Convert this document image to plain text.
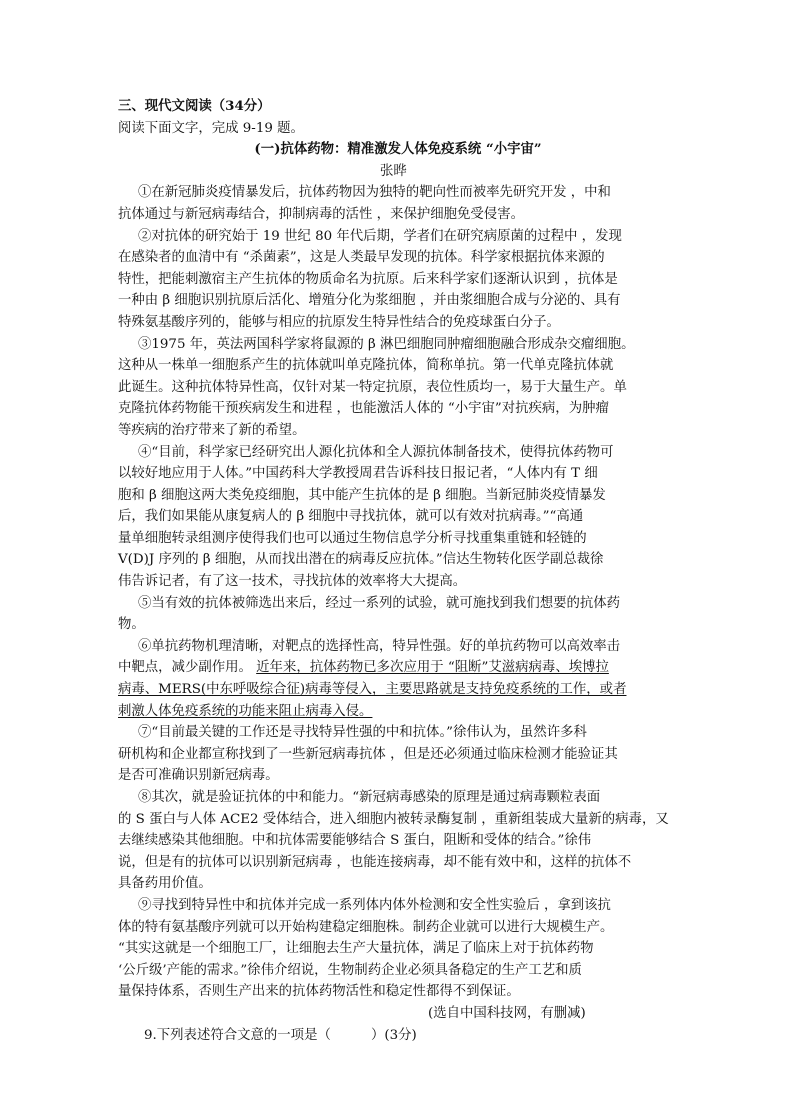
三、现代文阅读（34分）
阅读下面文字，完成 9-19 题。
(一)抗体药物：精准激发人体免疫系统 “小宇宙”
张晔
①在新冠肺炎疫情暴发后，抗体药物因为独特的靶向性而被率先研究开发 ，中和
抗体通过与新冠病毒结合，抑制病毒的活性 ，来保护细胞免受侵害。
②对抗体的研究始于 19 世纪 80 年代后期，学者们在研究病原菌的过程中 ，发现
在感染者的血清中有 “杀菌素”，这是人类最早发现的抗体。科学家根据抗体来源的
特性，把能刺激宿主产生抗体的物质命名为抗原。后来科学家们逐渐认识到 ，抗体是
一种由 β 细胞识别抗原后活化、增殖分化为浆细胞 ，并由浆细胞合成与分泌的、具有
特殊氨基酸序列的，能够与相应的抗原发生特异性结合的免疫球蛋白分子。
③1975 年，英法两国科学家将鼠源的 β 淋巴细胞同肿瘤细胞融合形成杂交瘤细胞。
这种从一株单一细胞系产生的抗体就叫单克隆抗体，简称单抗。第一代单克隆抗体就
此诞生。这种抗体特异性高，仅针对某一特定抗原，表位性质均一，易于大量生产。单
克隆抗体药物能干预疾病发生和进程 ，也能激活人体的 “小宇宙”对抗疾病，为肿瘤
等疾病的治疗带来了新的希望。
④“目前，科学家已经研究出人源化抗体和全人源抗体制备技术，使得抗体药物可
以较好地应用于人体。”中国药科大学教授周君告诉科技日报记者，“人体内有 T 细
胞和 β 细胞这两大类免疫细胞，其中能产生抗体的是 β 细胞。当新冠肺炎疫情暴发
后，我们如果能从康复病人的 β 细胞中寻找抗体，就可以有效对抗病毒。”“高通
量单细胞转录组测序使得我们也可以通过生物信息学分析寻找重集重链和轻链的
V(D)J 序列的 β 细胞，从而找出潜在的病毒反应抗体。”信达生物转化医学副总裁徐
伟告诉记者，有了这一技术，寻找抗体的效率将大大提高。
⑤当有效的抗体被筛选出来后，经过一系列的试验，就可施找到我们想要的抗体药
物。
⑥单抗药物机理清晰，对靶点的选择性高，特异性强。好的单抗药物可以高效率击
中靶点，减少副作用。 近年来，抗体药物已多次应用于 “阻断”艾滋病病毒、埃博拉
病毒、MERS(中东呼吸综合征)病毒等侵入，主要思路就是支持免疫系统的工作，或者
刺激人体免疫系统的功能来阻止病毒入侵。
⑦“目前最关键的工作还是寻找特异性强的中和抗体。”徐伟认为，虽然许多科
研机构和企业都宣称找到了一些新冠病毒抗体 ，但是还必须通过临床检测才能验证其
是否可准确识别新冠病毒。
⑧其次，就是验证抗体的中和能力。“新冠病毒感染的原理是通过病毒颗粒表面
的 S 蛋白与人体 ACE2 受体结合，进入细胞内被转录酶复制 ，重新组装成大量新的病毒，又
去继续感染其他细胞。中和抗体需要能够结合 S 蛋白，阻断和受体的结合。”徐伟
说，但是有的抗体可以识别新冠病毒 ，也能连接病毒，却不能有效中和，这样的抗体不
具备药用价值。
⑨寻找到特异性中和抗体并完成一系列体内体外检测和安全性实验后 ，拿到该抗
体的特有氨基酸序列就可以开始构建稳定细胞株。制药企业就可以进行大规模生产。
“其实这就是一个细胞工厂，让细胞去生产大量抗体，满足了临床上对于抗体药物
‘公斤级’产能的需求。”徐伟介绍说，生物制药企业必须具备稳定的生产工艺和质
量保持体系，否则生产出来的抗体药物活性和稳定性都得不到保证。
(选自中国科技网，有删减)
9.下列表述符合文意的一项是（　　　）(3分)
